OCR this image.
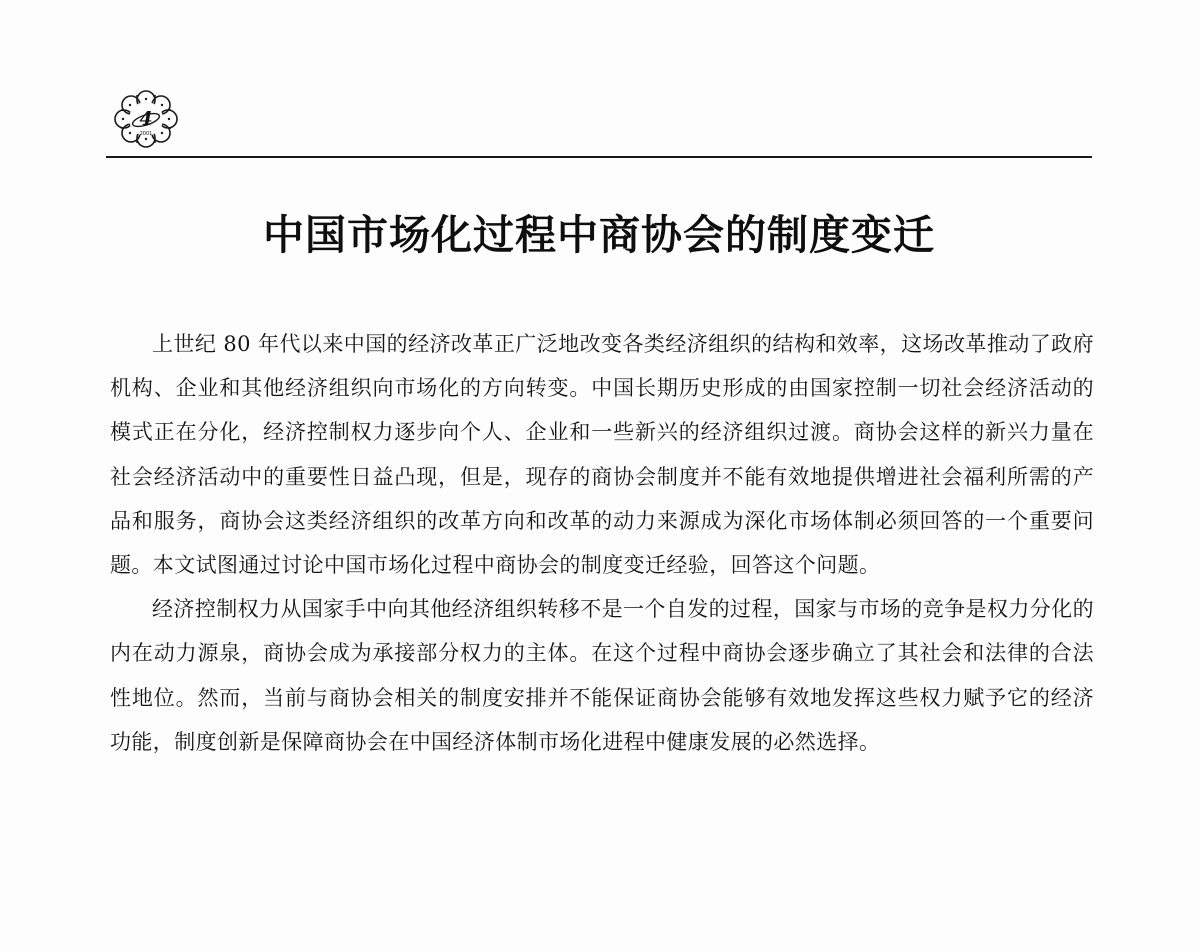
4
2001
中国市场化过程中商协会的制度变迁

上世纪 80 年代以来中国的经济改革正广泛地改变各类经济组织的结构和效率，这场改革推动了政府机构、企业和其他经济组织向市场化的方向转变。中国长期历史形成的由国家控制一切社会经济活动的模式正在分化，经济控制权力逐步向个人、企业和一些新兴的经济组织过渡。商协会这样的新兴力量在社会经济活动中的重要性日益凸现，但是，现存的商协会制度并不能有效地提供增进社会福利所需的产品和服务，商协会这类经济组织的改革方向和改革的动力来源成为深化市场体制必须回答的一个重要问题。本文试图通过讨论中国市场化过程中商协会的制度变迁经验，回答这个问题。

经济控制权力从国家手中向其他经济组织转移不是一个自发的过程，国家与市场的竞争是权力分化的内在动力源泉，商协会成为承接部分权力的主体。在这个过程中商协会逐步确立了其社会和法律的合法性地位。然而，当前与商协会相关的制度安排并不能保证商协会能够有效地发挥这些权力赋予它的经济功能，制度创新是保障商协会在中国经济体制市场化进程中健康发展的必然选择。
